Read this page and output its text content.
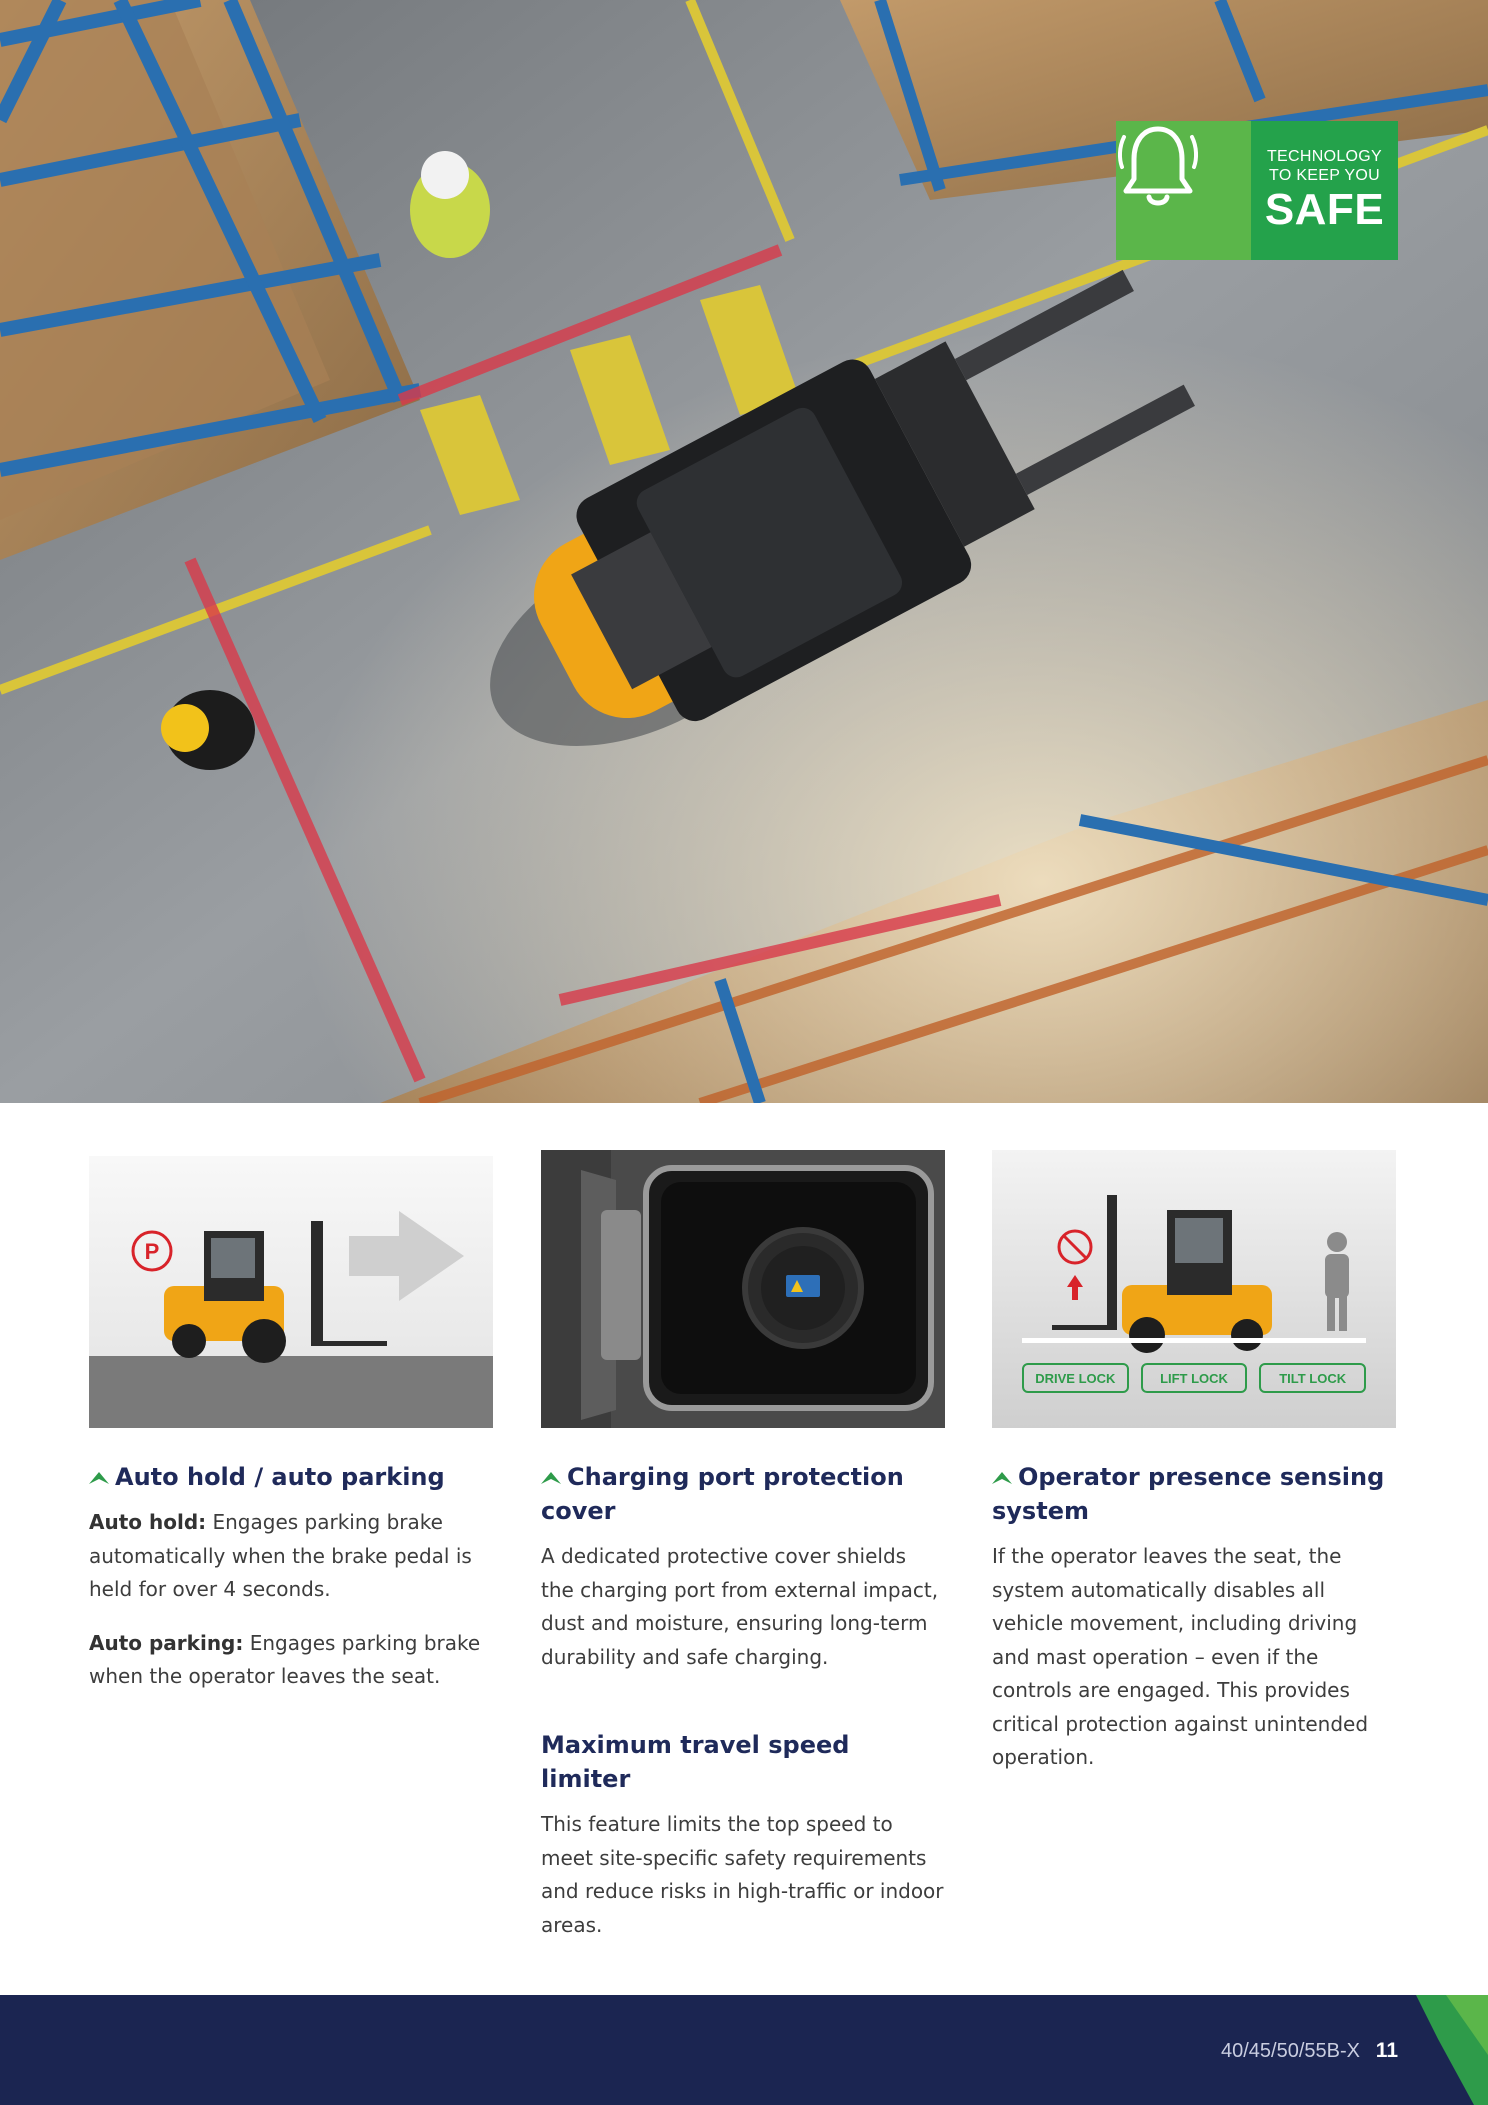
TECHNOLOGY
TO KEEP YOU
SAFE
P
Auto hold / auto parking

Auto hold: Engages parking brake automatically when the brake pedal is held for over 4 seconds.

Auto parking: Engages parking brake when the operator leaves the seat.

Charging port protection cover

A dedicated protective cover shields the charging port from external impact, dust and moisture, ensuring long-term durability and safe charging.

Maximum travel speed limiter

This feature limits the top speed to meet site-specific safety requirements and reduce risks in high-traffic or indoor areas.

DRIVE LOCK	LIFT LOCK	TILT LOCK
Operator presence sensing system

If the operator leaves the seat, the system automatically disables all vehicle movement, including driving and mast operation – even if the controls are engaged. This provides critical protection against unintended operation.

40/45/50/55B-X 11
